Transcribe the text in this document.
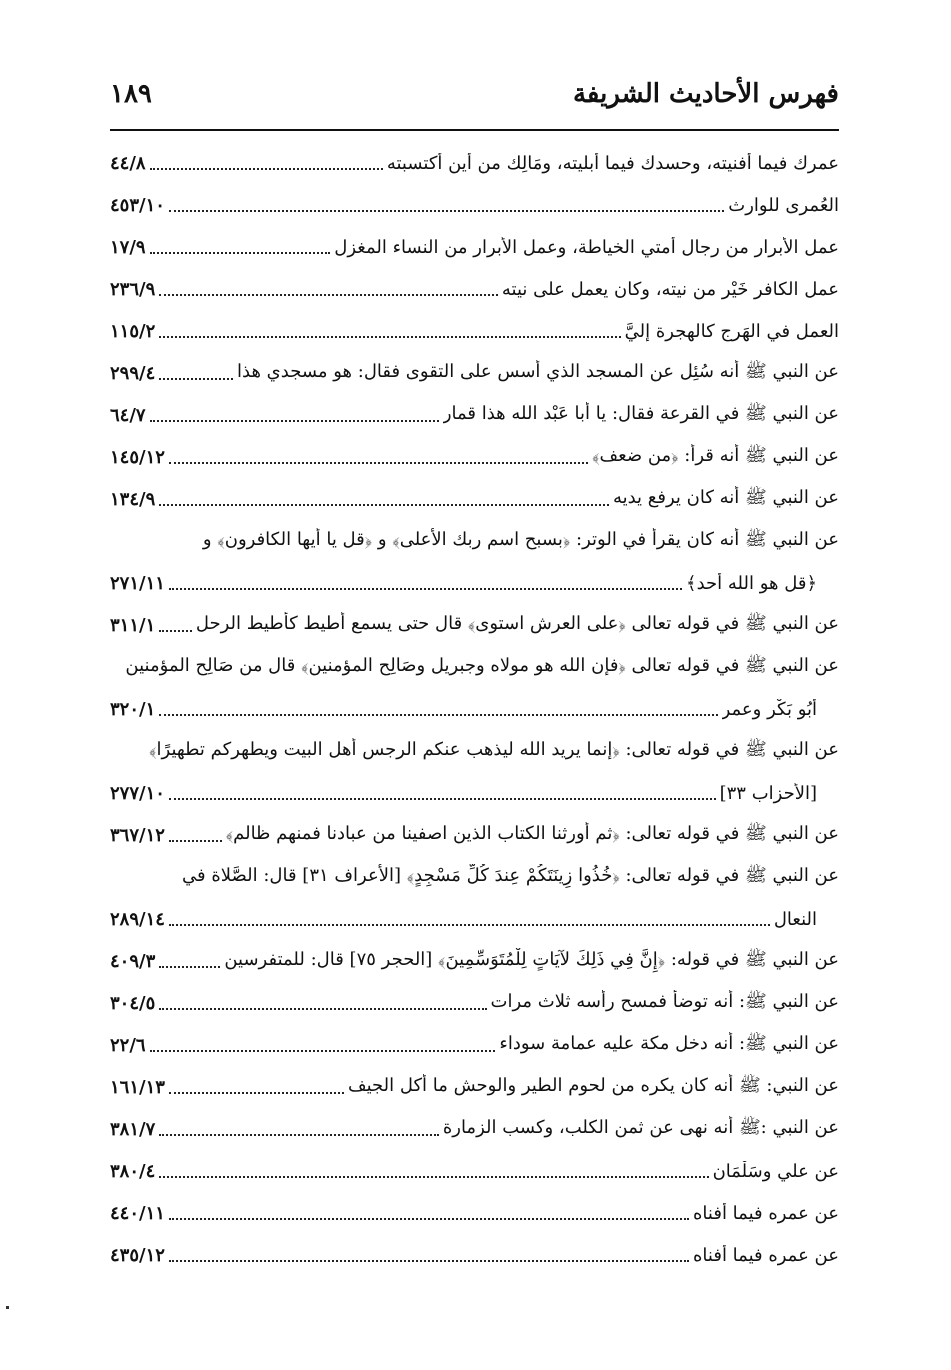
فهرس الأحاديث الشريفة
١٨٩
عمرك فيما أفنيته، وحسدك فيما أبليته، ومَالِك من أين أكتسبته
٤٤/٨
العُمرى للوارث
٤٥٣/١٠
عمل الأبرار من رجال أمتي الخياطة، وعمل الأبرار من النساء المغزل
١٧/٩
عمل الكافر خَيْر من نيته، وكان يعمل على نيته
٢٣٦/٩
العمل في الهَرجِ كالهجرة إليَّ
١١٥/٢
عن النبي ﷺ أنه سُئِل عن المسجد الذي أسس على التقوى فقال: هو مسجدي هذا
٢٩٩/٤
عن النبي ﷺ في القرعة فقال: يا أبا عَبْد الله هذا قمار
٦٤/٧
عن النبي ﷺ أنه قرأ: ﴿من ضعف﴾
١٤٥/١٢
عن النبي ﷺ أنه كان يرفع يديه
١٣٤/٩
عن النبي ﷺ أنه كان يقرأ في الوتر: ﴿بسبح اسم ربك الأعلى﴾ و ﴿قل يا أيها الكافرون﴾ و
﴿قل هو الله أحد﴾
٢٧١/١١
عن النبي ﷺ في قوله تعالى ﴿على العرش استوى﴾ قال حتى يسمع أطيط كأطيط الرحل
٣١١/١
عن النبي ﷺ في قوله تعالى ﴿فإن الله هو مولاه وجبريل وصَالِح المؤمنين﴾ قال من صَالِح المؤمنين
أبُو بَكْر وعمر
٣٢٠/١
عن النبي ﷺ في قوله تعالى: ﴿إنما يريد الله ليذهب عنكم الرجس أهل البيت ويطهركم تطهيرًا﴾
[الأحزاب ٣٣]
٢٧٧/١٠
عن النبي ﷺ في قوله تعالى: ﴿ثم أورثنا الكتاب الذين اصفينا من عبادنا فمنهم ظالم﴾
٣٦٧/١٢
عن النبي ﷺ في قوله تعالى: ﴿خُذُوا زِينَتَكُمْ عِندَ كُلِّ مَسْجِدٍ﴾ [الأعراف ٣١] قال: الصَّلاة في
النعال
٢٨٩/١٤
عن النبي ﷺ في قوله: ﴿إِنَّ فِي ذَلِكَ لآيَاتٍ لِلْمُتَوَسِّمِينَ﴾ [الحجر ٧٥] قال: للمتفرسين
٤٠٩/٣
عن النبي ﷺ: أنه توضأ فمسح رأسه ثلاث مرات
٣٠٤/٥
عن النبي ﷺ: أنه دخل مكة عليه عمامة سوداء
٢٢/٦
عن النبي: ﷺ أنه كان يكره من لحوم الطير والوحش ما أكل الجيف
١٦١/١٣
عن النبي :ﷺ أنه نهى عن ثمن الكلب، وكسب الزمارة
٣٨١/٧
عن علي وسَلْمَان
٣٨٠/٤
عن عمره فيما أفناه
٤٤٠/١١
عن عمره فيما أفناه
٤٣٥/١٢
